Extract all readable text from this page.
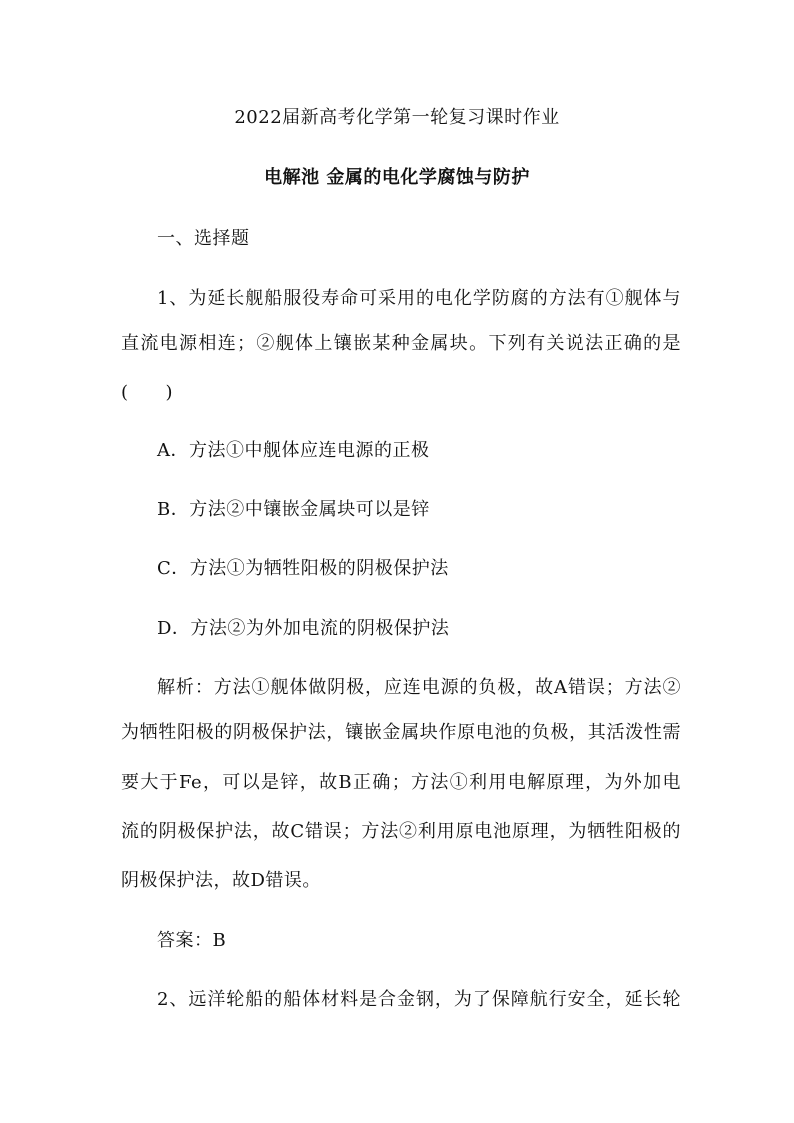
2022届新高考化学第一轮复习课时作业
电解池 金属的电化学腐蚀与防护
一、选择题
1、为延长舰船服役寿命可采用的电化学防腐的方法有①舰体与
直流电源相连；②舰体上镶嵌某种金属块。下列有关说法正确的是
(　　)
A．方法①中舰体应连电源的正极
B．方法②中镶嵌金属块可以是锌
C．方法①为牺牲阳极的阴极保护法
D．方法②为外加电流的阴极保护法
解析：方法①舰体做阴极，应连电源的负极，故A错误；方法②
为牺牲阳极的阴极保护法，镶嵌金属块作原电池的负极，其活泼性需
要大于Fe，可以是锌，故B正确；方法①利用电解原理，为外加电
流的阴极保护法，故C错误；方法②利用原电池原理，为牺牲阳极的
阴极保护法，故D错误。
答案：B
2、远洋轮船的船体材料是合金钢，为了保障航行安全，延长轮
